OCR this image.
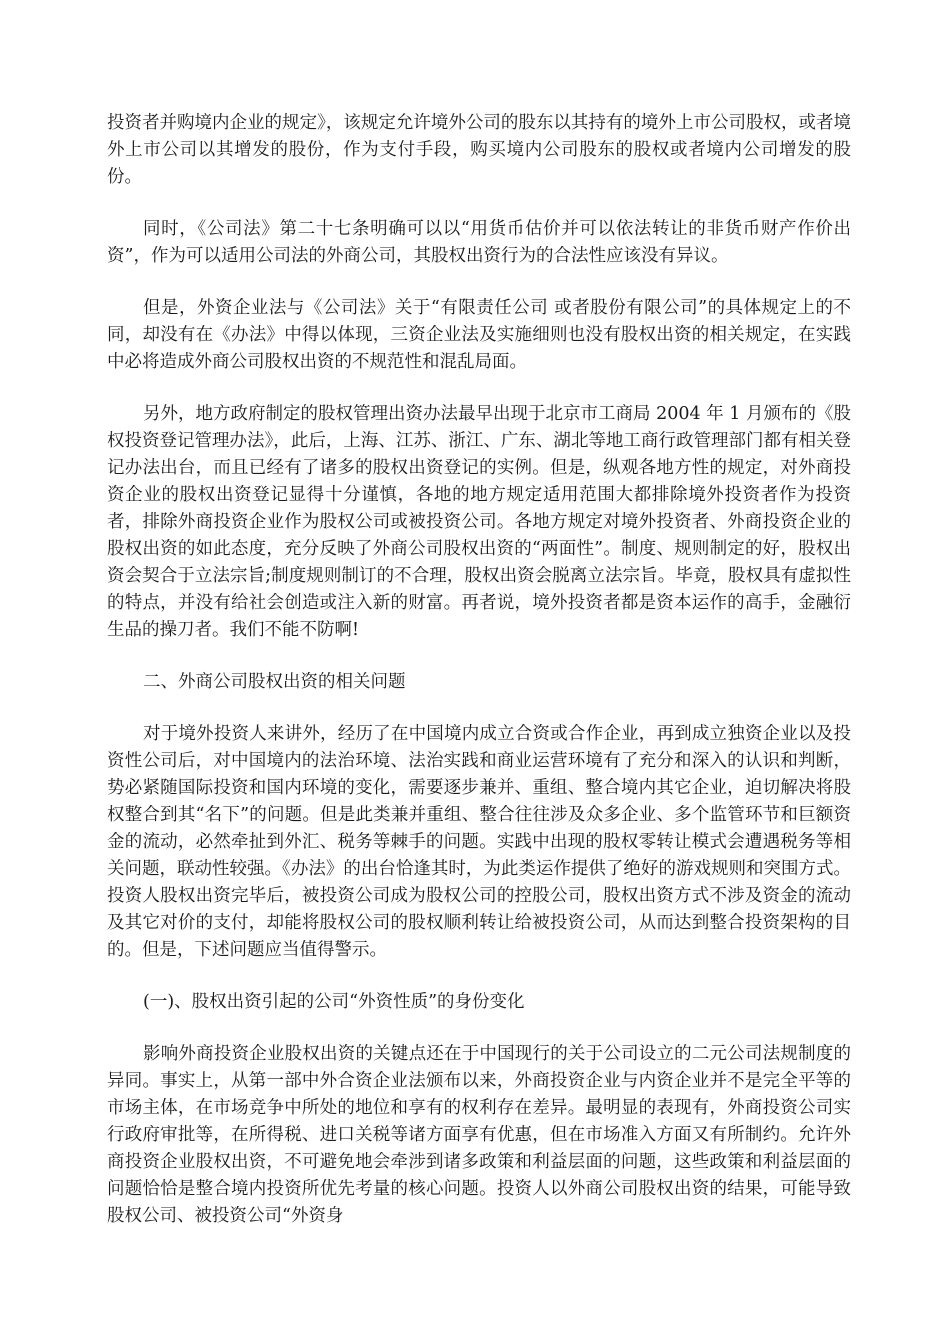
投资者并购境内企业的规定》，该规定允许境外公司的股东以其持有的境外上市公司股权，或者境外上市公司以其增发的股份，作为支付手段，购买境内公司股东的股权或者境内公司增发的股份。

同时，《公司法》第二十七条明确可以以“用货币估价并可以依法转让的非货币财产作价出资”，作为可以适用公司法的外商公司，其股权出资行为的合法性应该没有异议。

但是，外资企业法与《公司法》关于“有限责任公司 或者股份有限公司”的具体规定上的不同，却没有在《办法》中得以体现，三资企业法及实施细则也没有股权出资的相关规定，在实践中必将造成外商公司股权出资的不规范性和混乱局面。

另外，地方政府制定的股权管理出资办法最早出现于北京市工商局 2004 年 1 月颁布的《股权投资登记管理办法》，此后，上海、江苏、浙江、广东、湖北等地工商行政管理部门都有相关登记办法出台，而且已经有了诸多的股权出资登记的实例。但是，纵观各地方性的规定，对外商投资企业的股权出资登记显得十分谨慎，各地的地方规定适用范围大都排除境外投资者作为投资者，排除外商投资企业作为股权公司或被投资公司。各地方规定对境外投资者、外商投资企业的股权出资的如此态度，充分反映了外商公司股权出资的“两面性”。制度、规则制定的好，股权出资会契合于立法宗旨;制度规则制订的不合理，股权出资会脱离立法宗旨。毕竟，股权具有虚拟性的特点，并没有给社会创造或注入新的财富。再者说，境外投资者都是资本运作的高手，金融衍生品的操刀者。我们不能不防啊!

二、外商公司股权出资的相关问题

对于境外投资人来讲外，经历了在中国境内成立合资或合作企业，再到成立独资企业以及投资性公司后，对中国境内的法治环境、法治实践和商业运营环境有了充分和深入的认识和判断，势必紧随国际投资和国内环境的变化，需要逐步兼并、重组、整合境内其它企业，迫切解决将股权整合到其“名下”的问题。但是此类兼并重组、整合往往涉及众多企业、多个监管环节和巨额资金的流动，必然牵扯到外汇、税务等棘手的问题。实践中出现的股权零转让模式会遭遇税务等相关问题，联动性较强。《办法》的出台恰逢其时，为此类运作提供了绝好的游戏规则和突围方式。投资人股权出资完毕后，被投资公司成为股权公司的控股公司，股权出资方式不涉及资金的流动及其它对价的支付，却能将股权公司的股权顺利转让给被投资公司，从而达到整合投资架构的目的。但是，下述问题应当值得警示。

(一)、股权出资引起的公司“外资性质”的身份变化

影响外商投资企业股权出资的关键点还在于中国现行的关于公司设立的二元公司法规制度的异同。事实上，从第一部中外合资企业法颁布以来，外商投资企业与内资企业并不是完全平等的市场主体，在市场竞争中所处的地位和享有的权利存在差异。最明显的表现有，外商投资公司实行政府审批等，在所得税、进口关税等诸方面享有优惠，但在市场准入方面又有所制约。允许外商投资企业股权出资，不可避免地会牵涉到诸多政策和利益层面的问题，这些政策和利益层面的问题恰恰是整合境内投资所优先考量的核心问题。投资人以外商公司股权出资的结果，可能导致股权公司、被投资公司“外资身
